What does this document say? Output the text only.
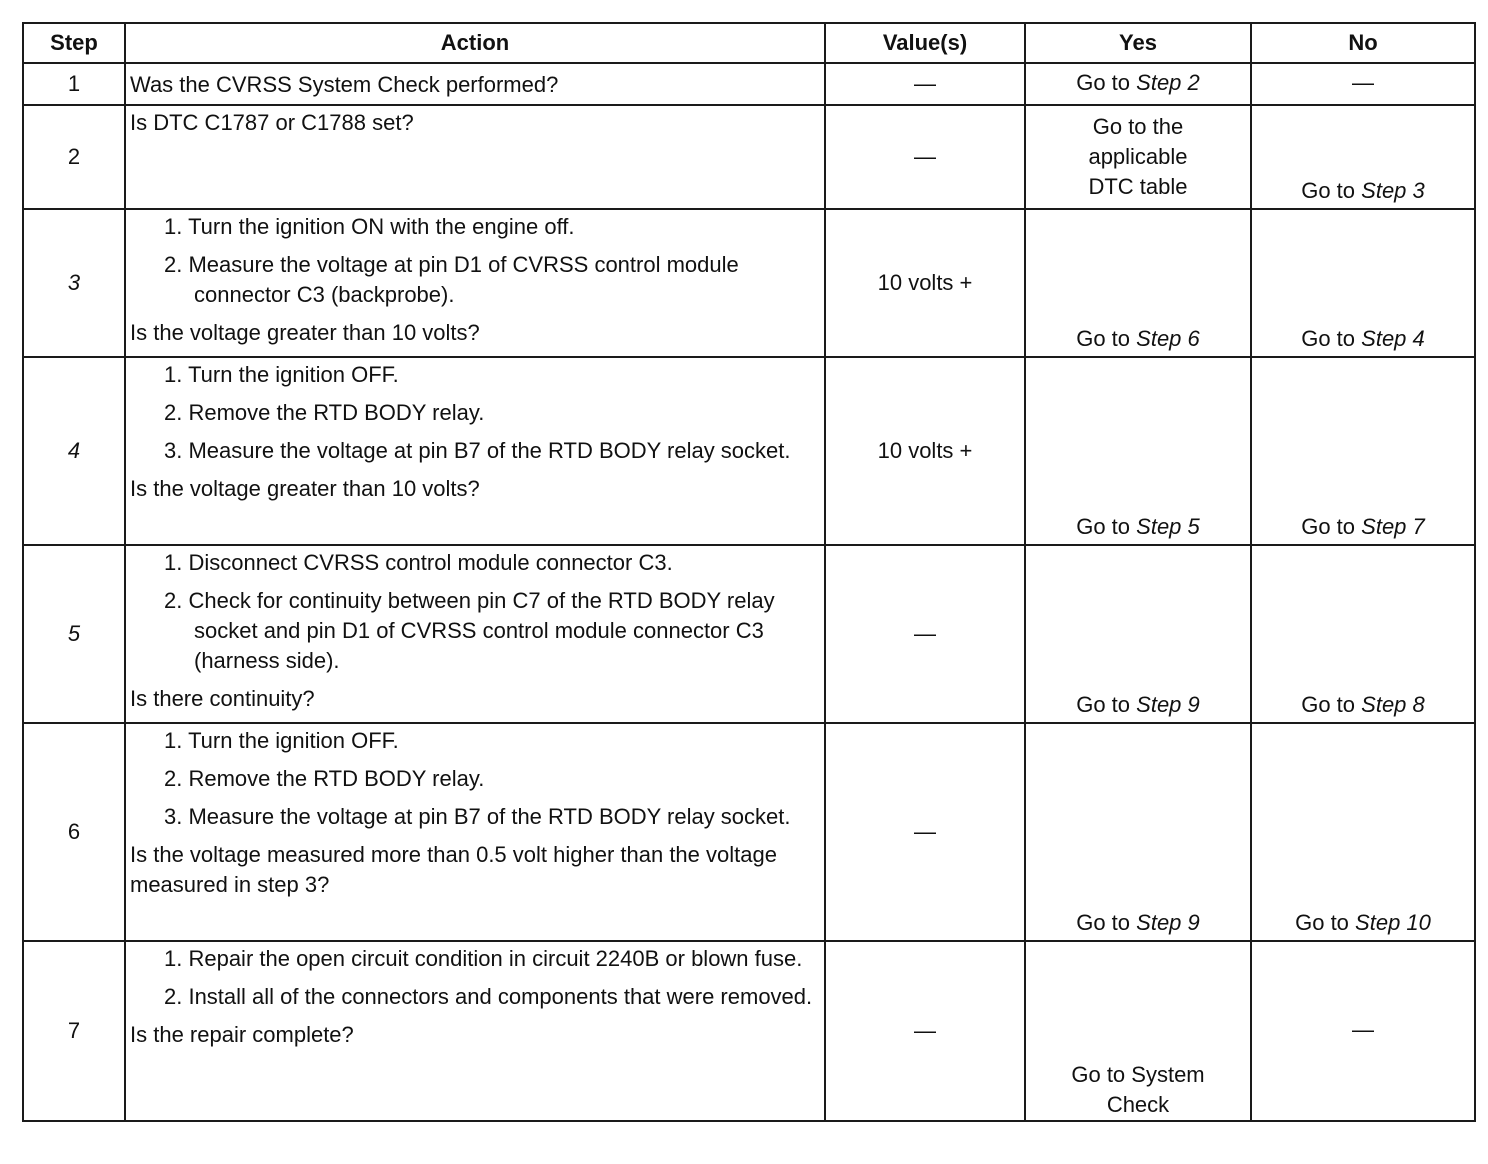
Step	Action	Value(s)	Yes	No
1	Was the CVRSS System Check performed?	—	Go to Step 2	—
2	Is DTC C1787 or C1788 set?	—	Go to the applicable DTC table	Go to Step 3
3	1. Turn the ignition ON with the engine off.

2. Measure the voltage at pin D1 of CVRSS control module connector C3 (backprobe).

Is the voltage greater than 10 volts?	10 volts +	Go to Step 6	Go to Step 4
4	1. Turn the ignition OFF.

2. Remove the RTD BODY relay.

3. Measure the voltage at pin B7 of the RTD BODY relay socket.

Is the voltage greater than 10 volts?	10 volts +	Go to Step 5	Go to Step 7
5	1. Disconnect CVRSS control module connector C3.

2. Check for continuity between pin C7 of the RTD BODY relay socket and pin D1 of CVRSS control module connector C3 (harness side).

Is there continuity?	—	Go to Step 9	Go to Step 8
6	1. Turn the ignition OFF.

2. Remove the RTD BODY relay.

3. Measure the voltage at pin B7 of the RTD BODY relay socket.

Is the voltage measured more than 0.5 volt higher than the voltage measured in step 3?	—	Go to Step 9	Go to Step 10
7	1. Repair the open circuit condition in circuit 2240B or blown fuse.

2. Install all of the connectors and components that were removed.

Is the repair complete?	—	Go to System Check	—
